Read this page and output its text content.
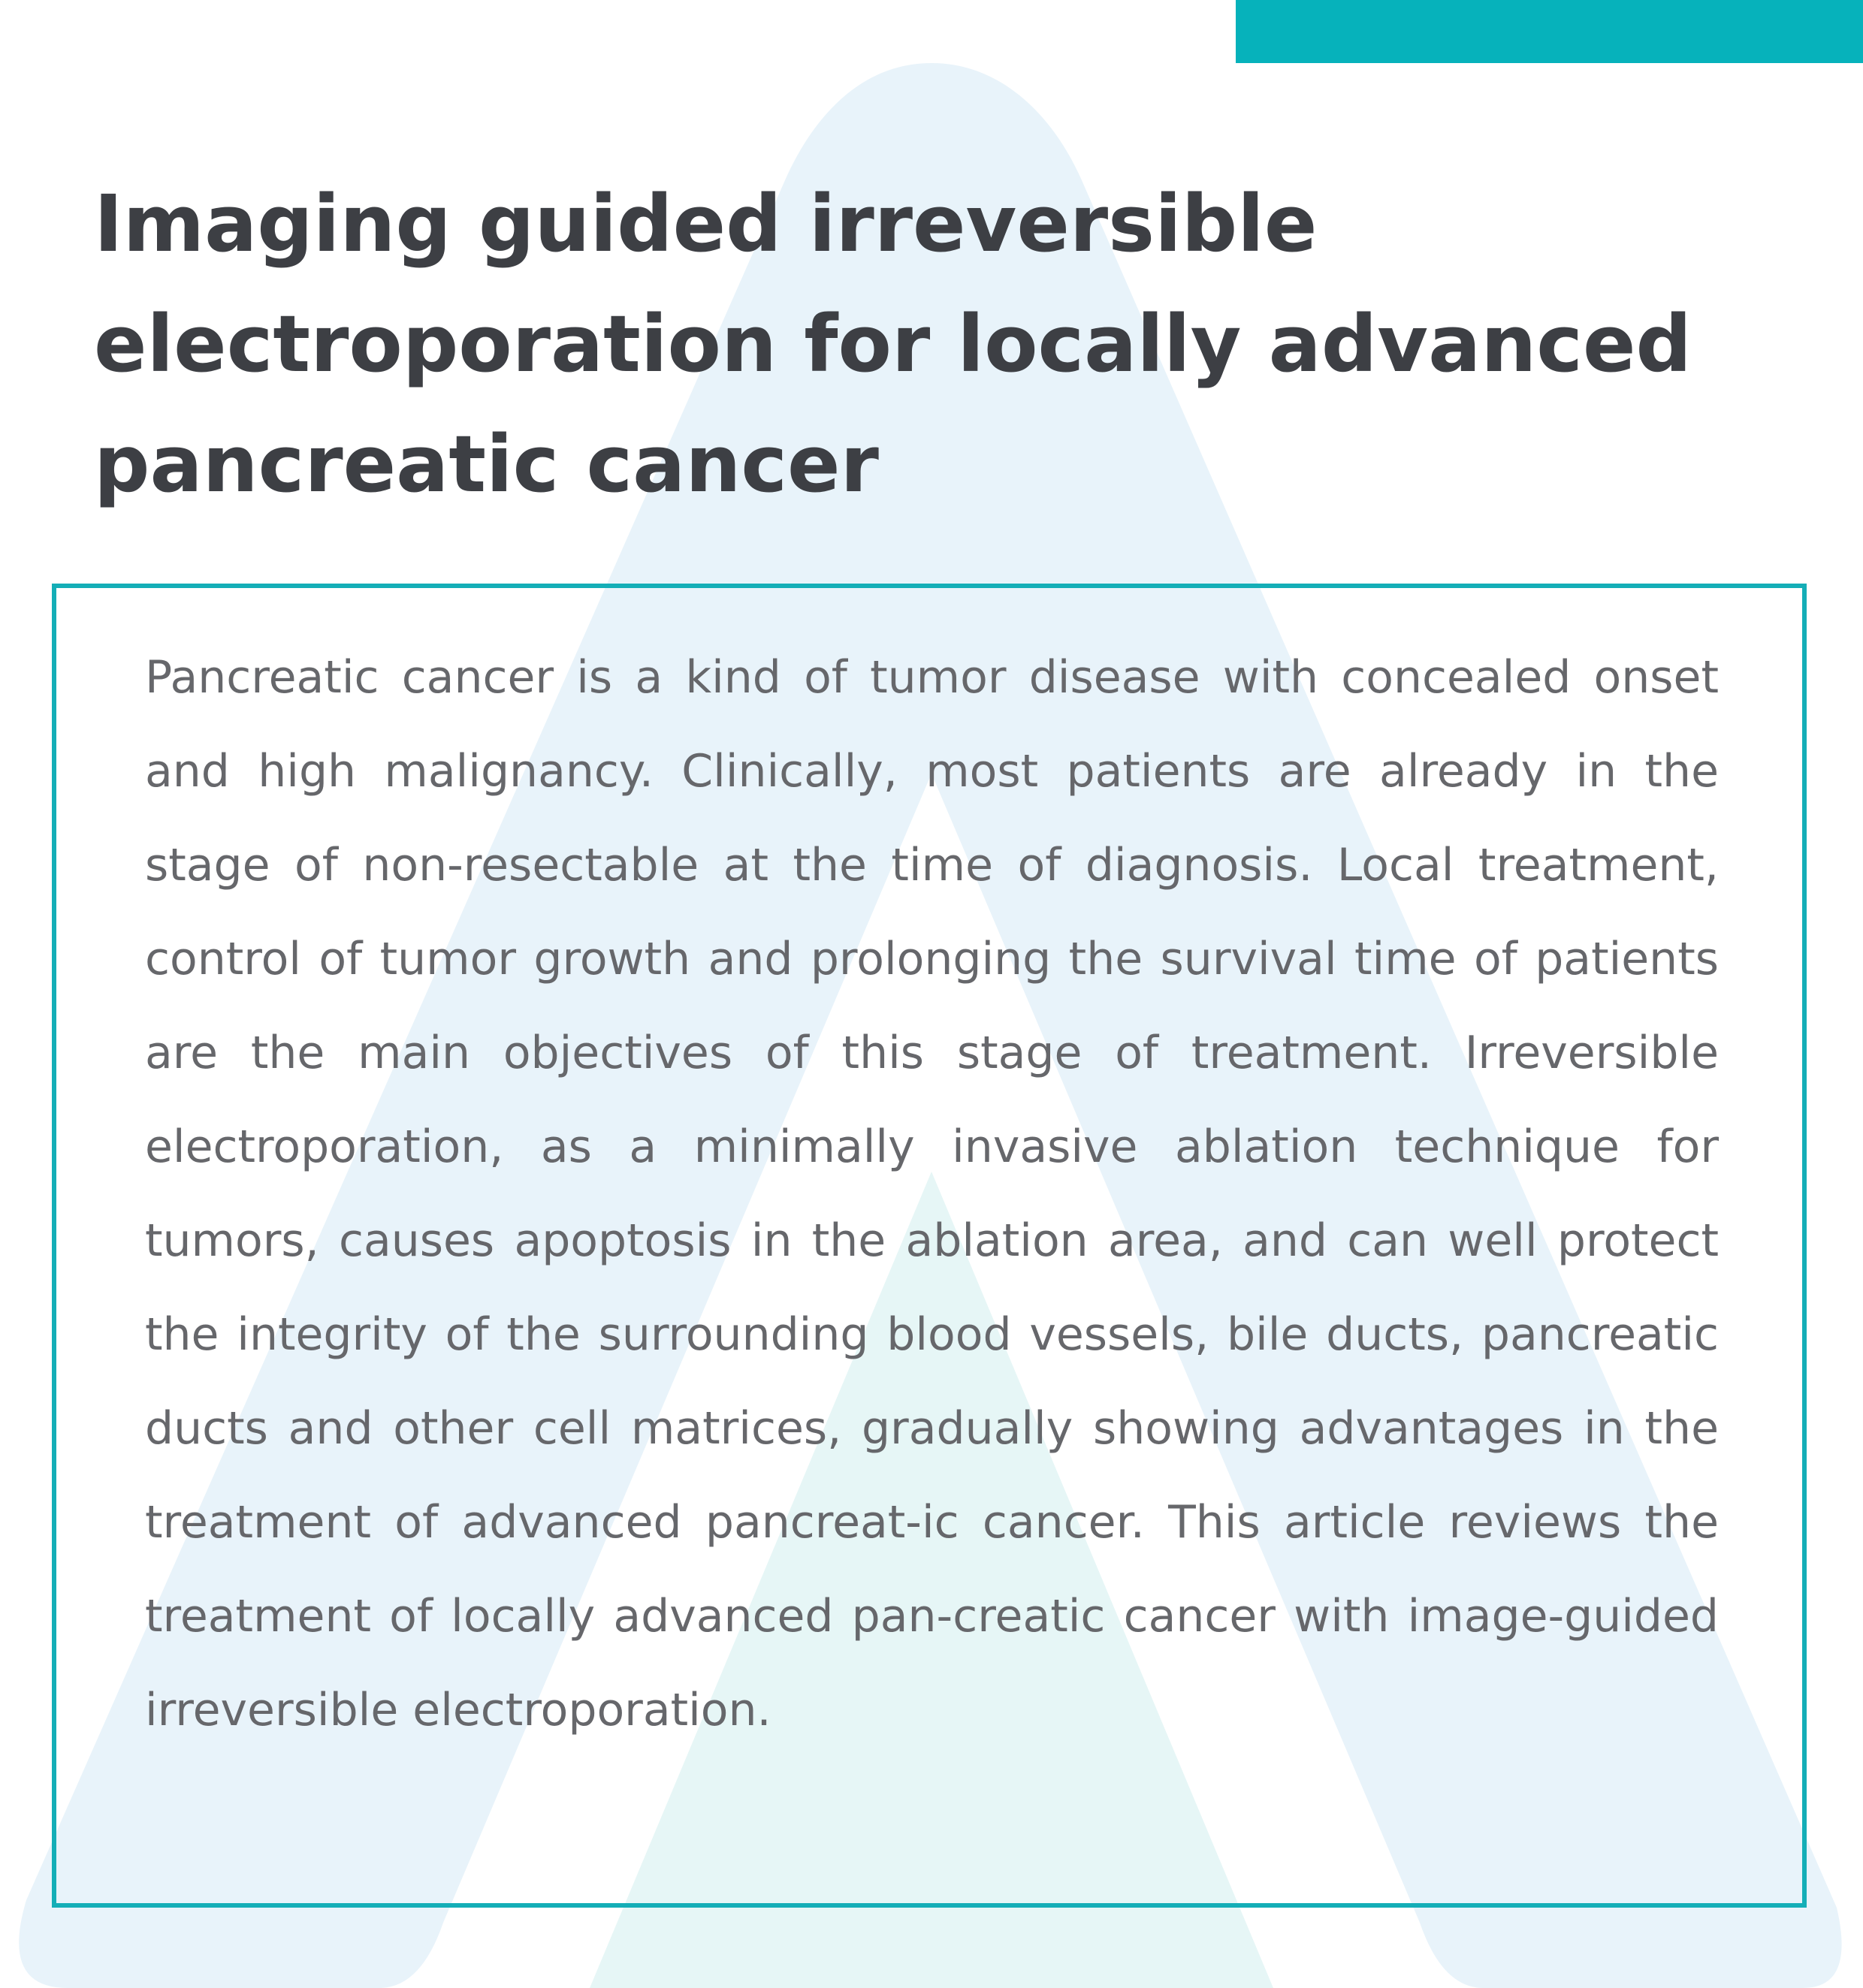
Imaging guided irreversible electroporation for locally advanced pancreatic cancer

Pancreatic cancer is a kind of tumor disease with concealed onset and high malignancy. Clinically, most patients are already in the stage of non-resectable at the time of diagnosis. Local treatment, control of tumor growth and prolonging the survival time of patients are the main objectives of this stage of treatment. Irreversible electroporation, as a minimally invasive ablation technique for tumors, causes apoptosis in the ablation area, and can well protect the integrity of the surrounding blood vessels, bile ducts, pancreatic ducts and other cell matrices, gradually showing advantages in the treatment of advanced pancreat-ic cancer. This article reviews the treatment of locally advanced pan-creatic cancer with image-guided irreversible electroporation.
